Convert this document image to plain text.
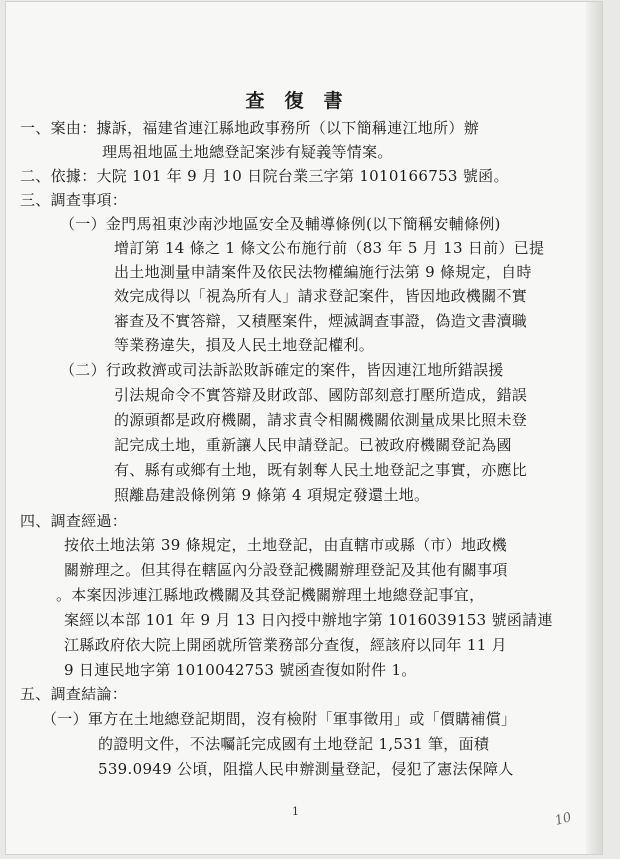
查復書
一、案由：據訴，福建省連江縣地政事務所（以下簡稱連江地所）辦
理馬祖地區土地總登記案涉有疑義等情案。
二、依據：大院 101 年 9 月 10 日院台業三字第 1010166753 號函。
三、調查事項：
（一）金門馬祖東沙南沙地區安全及輔導條例(以下簡稱安輔條例)
增訂第 14 條之 1 條文公布施行前（83 年 5 月 13 日前）已提
出土地測量申請案件及依民法物權編施行法第 9 條規定，自時
效完成得以「視為所有人」請求登記案件，皆因地政機關不實
審查及不實答辯，又積壓案件，煙滅調查事證，偽造文書瀆職
等業務違失，損及人民土地登記權利。
（二）行政救濟或司法訴訟敗訴確定的案件，皆因連江地所錯誤援
引法規命令不實答辯及財政部、國防部刻意打壓所造成，錯誤
的源頭都是政府機關，請求責令相關機關依測量成果比照未登
記完成土地，重新讓人民申請登記。已被政府機關登記為國
有、縣有或鄉有土地，既有剝奪人民土地登記之事實，亦應比
照離島建設條例第 9 條第 4 項規定發還土地。
四、調查經過：
按依土地法第 39 條規定，土地登記，由直轄市或縣（市）地政機
關辦理之。但其得在轄區內分設登記機關辦理登記及其他有關事項
。本案因涉連江縣地政機關及其登記機關辦理土地總登記事宜，
案經以本部 101 年 9 月 13 日內授中辦地字第 1016039153 號函請連
江縣政府依大院上開函就所管業務部分查復，經該府以同年 11 月
9 日連民地字第 1010042753 號函查復如附件 1。
五、調查結論：
（一）軍方在土地總登記期間，沒有檢附「軍事徵用」或「價購補償」
的證明文件，不法囑託完成國有土地登記 1,531 筆，面積
539.0949 公頃，阻擋人民申辦測量登記，侵犯了憲法保障人
1	10
